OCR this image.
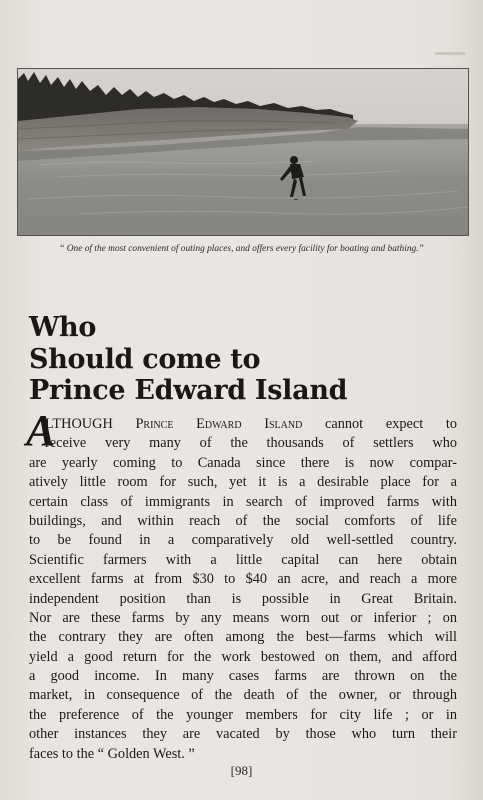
“ One of the most convenient of outing places, and offers every facility for boating and bathing.”
Who
Should come to
Prince Edward Island
A
LTHOUGH Prince Edward Island cannot expect to
receive very many of the thousands of settlers who
are yearly coming to Canada since there is now compar-
atively little room for such, yet it is a desirable place for a
certain class of immigrants in search of improved farms with
buildings, and within reach of the social comforts of life
to be found in a comparatively old well-settled country.
Scientific farmers with a little capital can here obtain
excellent farms at from $30 to $40 an acre, and reach a more
independent position than is possible in Great Britain.
Nor are these farms by any means worn out or inferior ; on
the contrary they are often among the best—farms which will
yield a good return for the work bestowed on them, and afford
a good income. In many cases farms are thrown on the
market, in consequence of the death of the owner, or through
the preference of the younger members for city life ; or in
other instances they are vacated by those who turn their
faces to the “ Golden West. ”
[98]
